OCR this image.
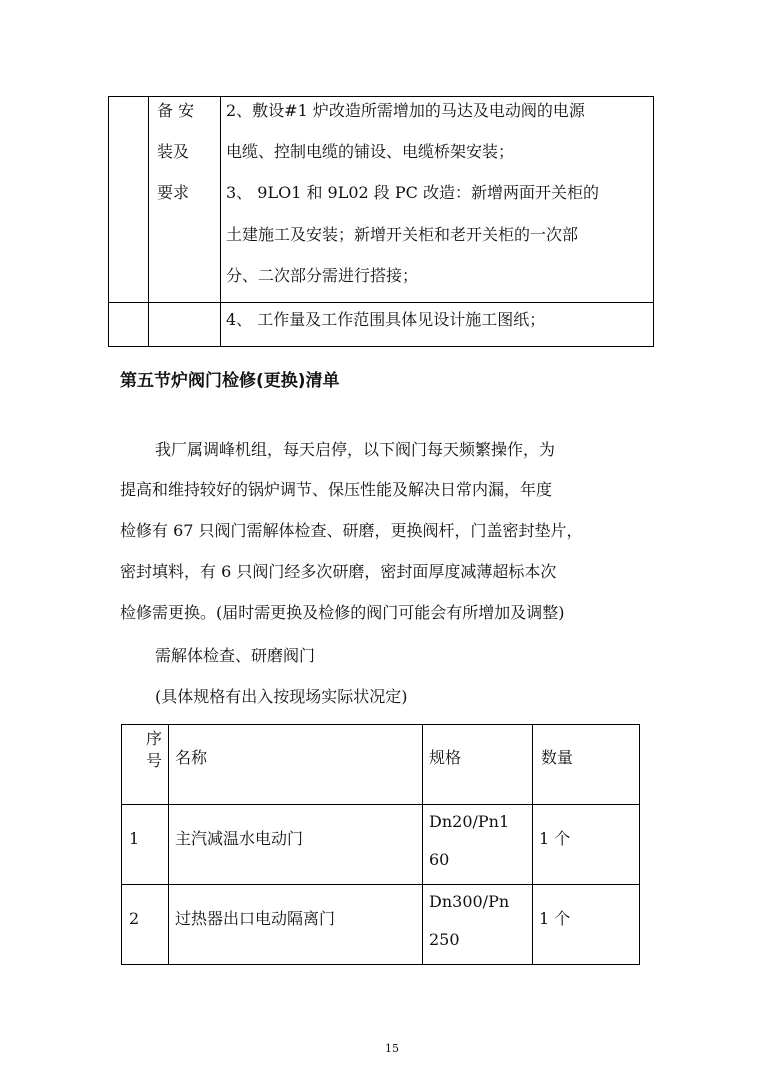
备 安
装及
要求
2、敷设#1 炉改造所需增加的马达及电动阀的电源
电缆、控制电缆的铺设、电缆桥架安装；
3、 9LO1 和 9L02 段 PC 改造：新增两面开关柜的
土建施工及安装；新增开关柜和老开关柜的一次部
分、二次部分需进行搭接；
4、 工作量及工作范围具体见设计施工图纸；
第五节炉阀门检修(更换)清单
我厂属调峰机组，每天启停，以下阀门每天频繁操作，为
提高和维持较好的锅炉调节、保压性能及解决日常内漏，年度
检修有 67 只阀门需解体检查、研磨，更换阀杆，门盖密封垫片，
密封填料，有 6 只阀门经多次研磨，密封面厚度减薄超标本次
检修需更换。(届时需更换及检修的阀门可能会有所增加及调整)
需解体检查、研磨阀门
(具体规格有出入按现场实际状况定)
序
号 名称	规格	数量
1 主汽减温水电动门
Dn20/Pn1
60
1 个
2 过热器出口电动隔离门
Dn300/Pn
250
1 个
15
